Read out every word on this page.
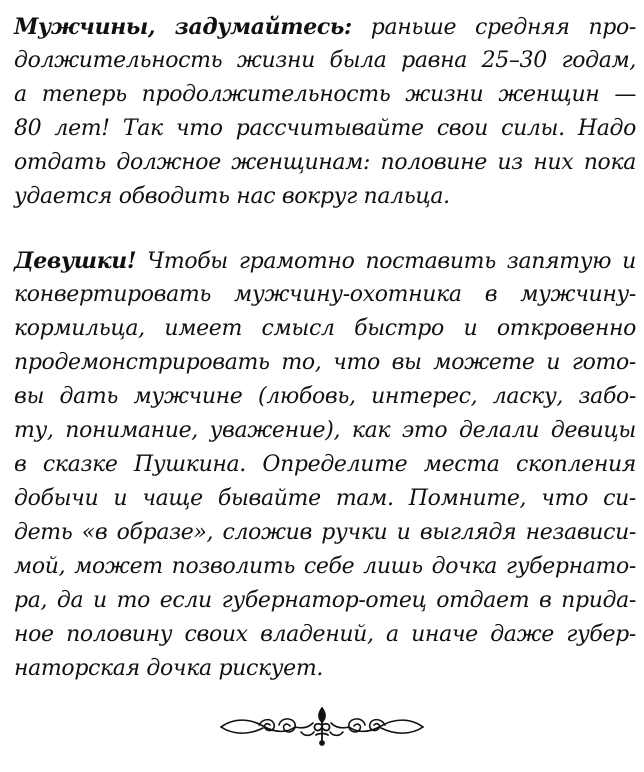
Мужчины, задумайтесь: раньше средняя про-
должительность жизни была равна 25–30 годам,
а теперь продолжительность жизни женщин —
80 лет! Так что рассчитывайте свои силы. Надо
отдать должное женщинам: половине из них пока
удается обводить нас вокруг пальца.
Девушки! Чтобы грамотно поставить запятую и
конвертировать мужчину-охотника в мужчину-
кормильца, имеет смысл быстро и откровенно
продемонстрировать то, что вы можете и гото-
вы дать мужчине (любовь, интерес, ласку, забо-
ту, понимание, уважение), как это делали девицы
в сказке Пушкина. Определите места скопления
добычи и чаще бывайте там. Помните, что си-
деть «в образе», сложив ручки и выглядя независи-
мой, может позволить себе лишь дочка губернато-
ра, да и то если губернатор-отец отдает в прида-
ное половину своих владений, а иначе даже губер-
наторская дочка рискует.
